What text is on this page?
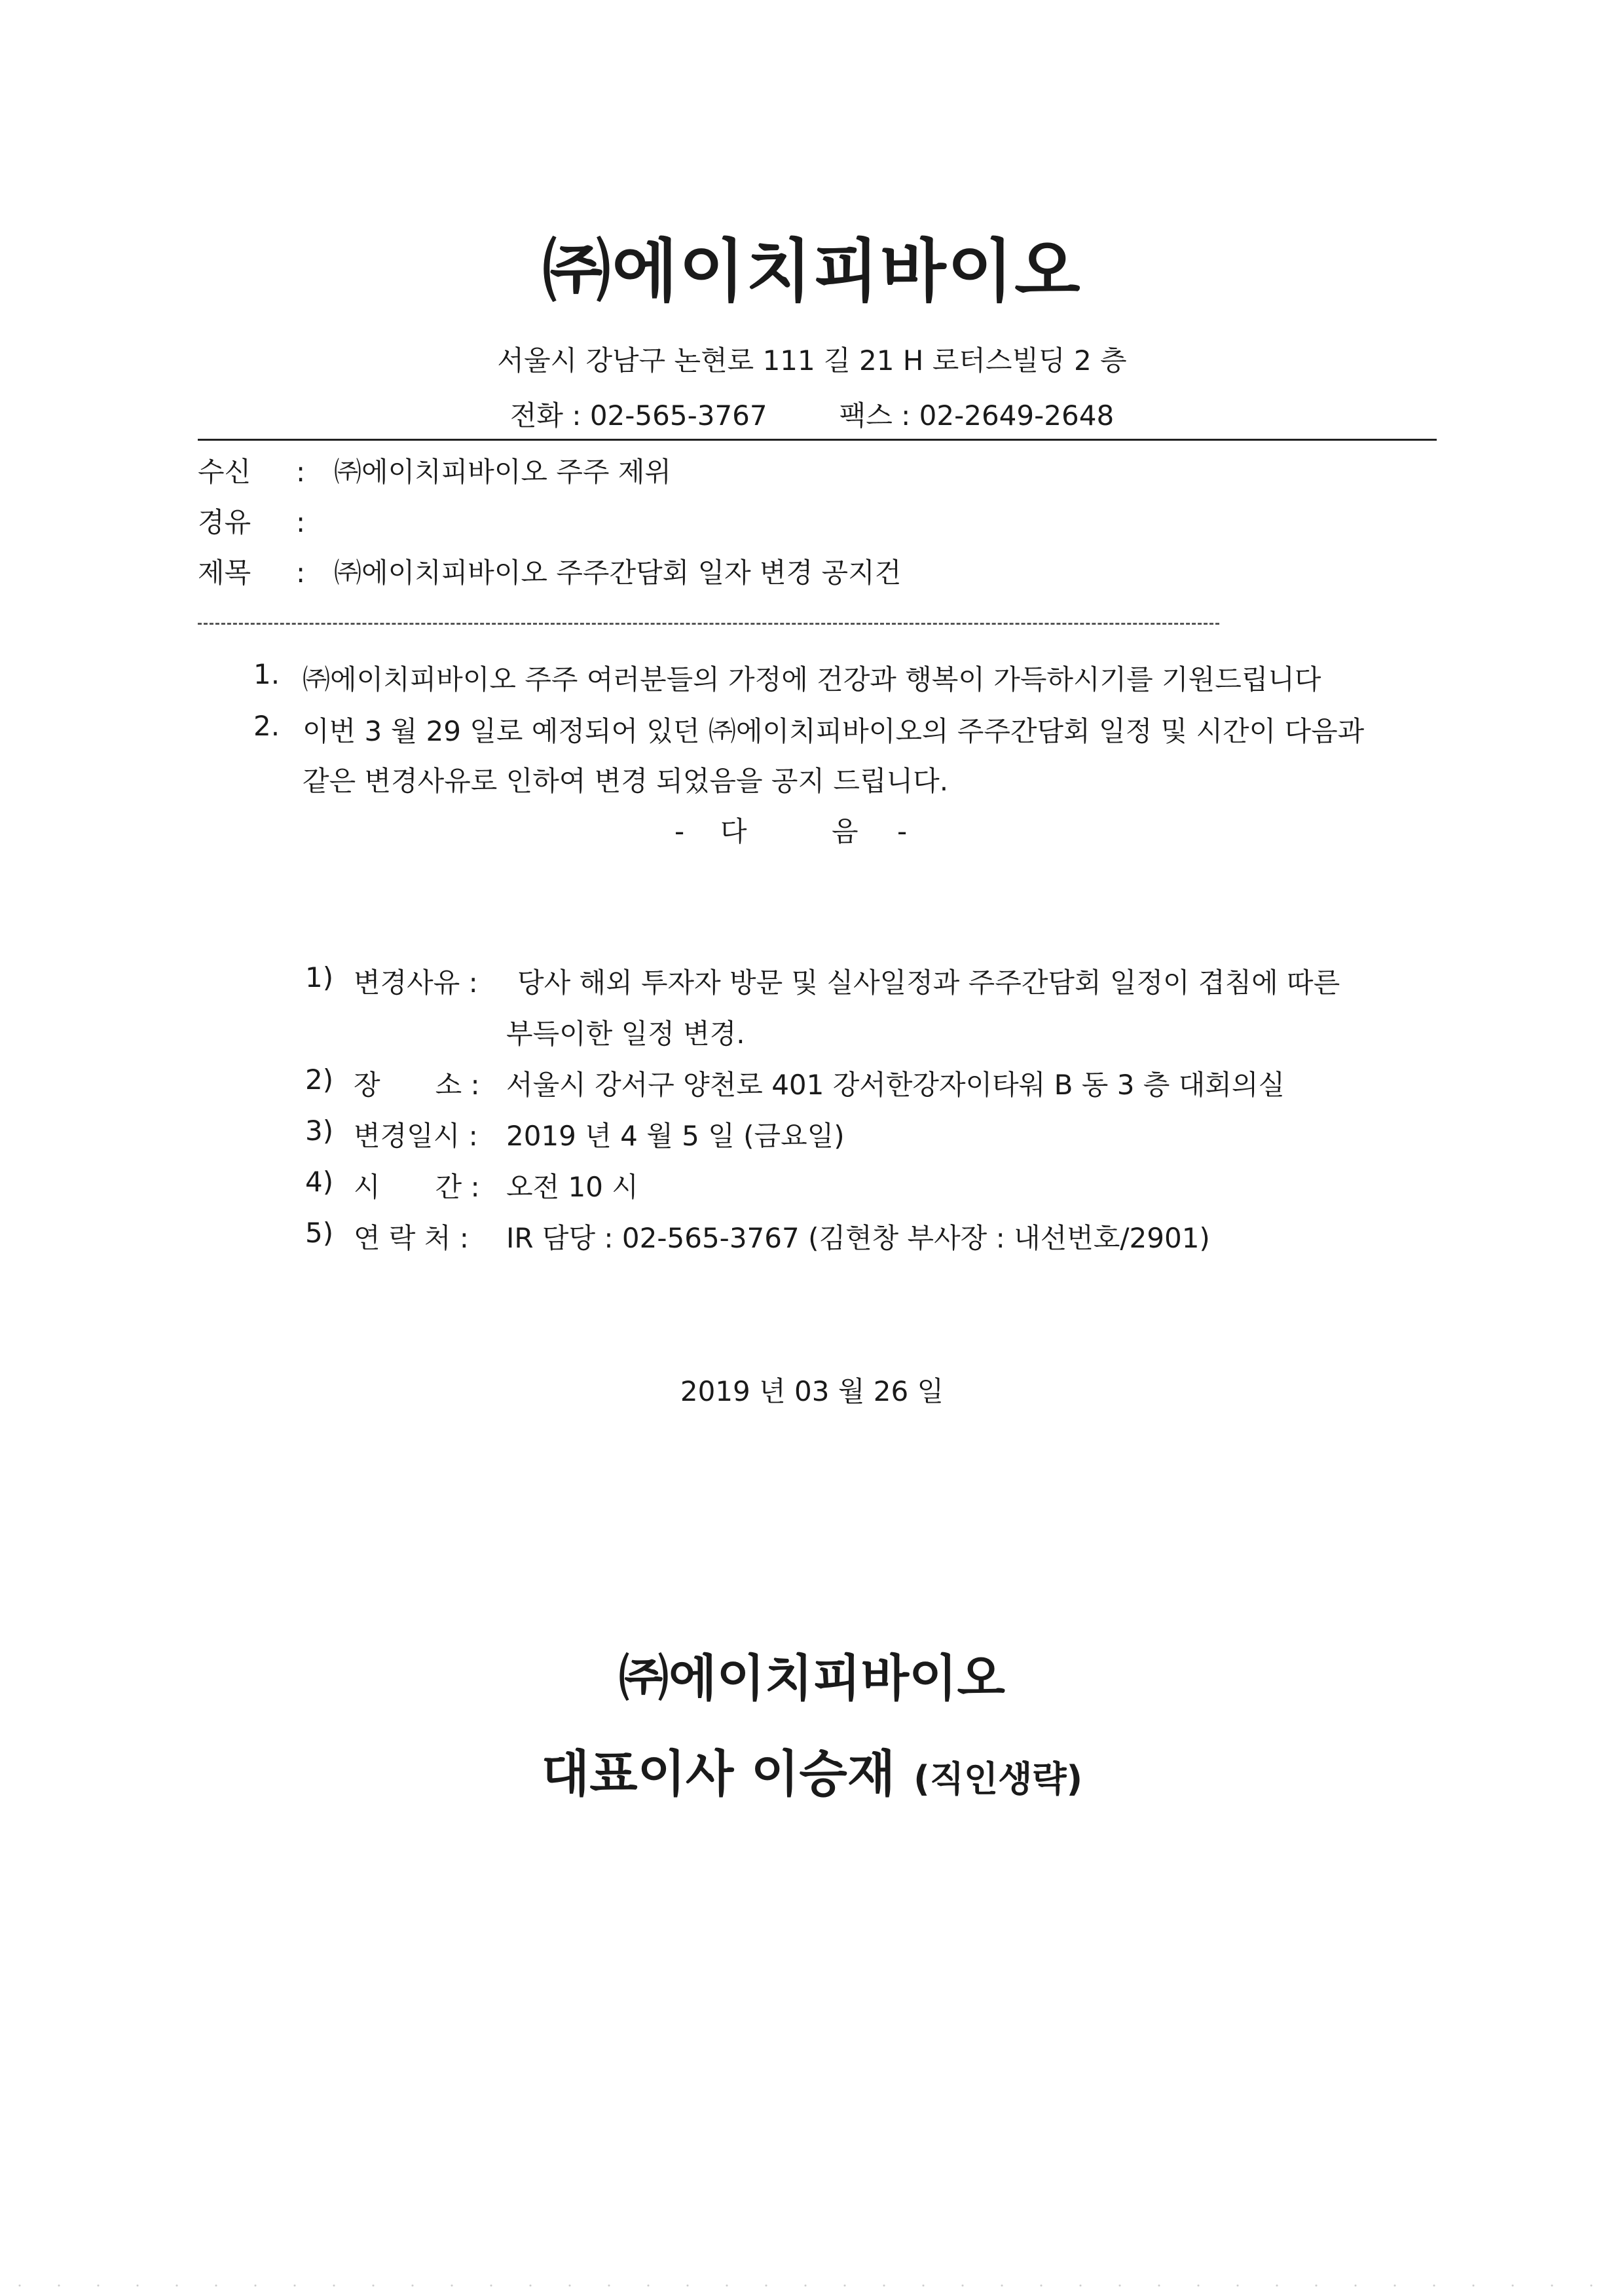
㈜에이치피바이오
서울시 강남구 논현로 111 길 21 H 로터스빌딩 2 층
전화 : 02-565-3767	팩스 : 02-2649-2648
수신 : ㈜에이치피바이오 주주 제위
경유 :
제목 : ㈜에이치피바이오 주주간담회 일자 변경 공지건
1. ㈜에이치피바이오 주주 여러분들의 가정에 건강과 행복이 가득하시기를 기원드립니다
2. 이번 3 월 29 일로 예정되어 있던 ㈜에이치피바이오의 주주간담회 일정 및 시간이 다음과
같은 변경사유로 인하여 변경 되었음을 공지 드립니다.
- 다	음 -
1) 변경사유 : 당사 해외 투자자 방문 및 실사일정과 주주간담회 일정이 겹침에 따른
부득이한 일정 변경.
2) 장　　소 : 서울시 강서구 양천로 401 강서한강자이타워 B 동 3 층 대회의실
3) 변경일시 : 2019 년 4 월 5 일 (금요일)
4) 시　　간 : 오전 10 시
5) 연 락 처 : IR 담당 : 02-565-3767 (김현창 부사장 : 내선번호/2901)
2019 년 03 월 26 일
㈜에이치피바이오
대표이사 이승재 (직인생략)
